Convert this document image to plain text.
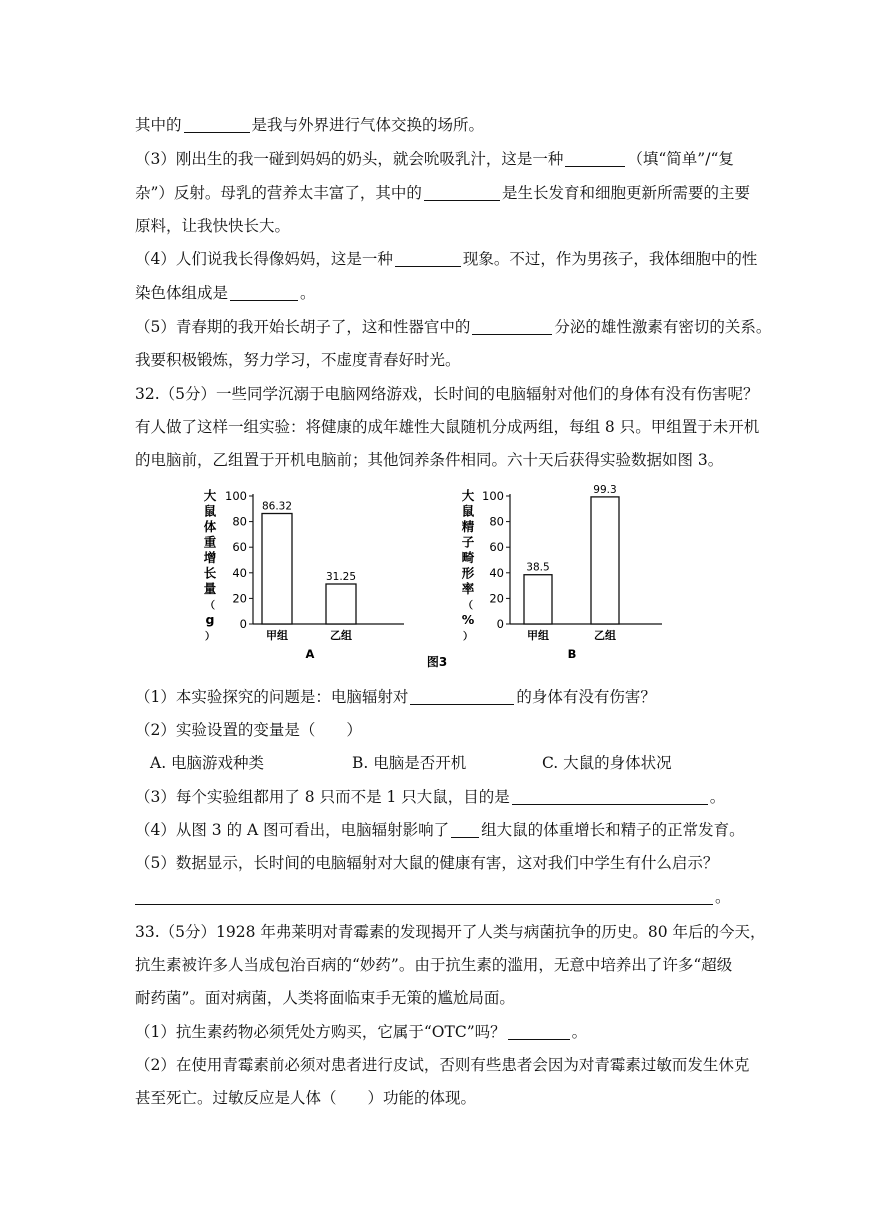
其中的	是我与外界进行气体交换的场所。
（3）刚出生的我一碰到妈妈的奶头，就会吮吸乳汁，这是一种	（填“简单”/“复
杂”）反射。母乳的营养太丰富了，其中的	是生长发育和细胞更新所需要的主要
原料，让我快快长大。
（4）人们说我长得像妈妈，这是一种	现象。不过，作为男孩子，我体细胞中的性
染色体组成是	。
（5）青春期的我开始长胡子了，这和性器官中的	分泌的雄性激素有密切的关系。
我要积极锻炼，努力学习，不虚度青春好时光。
32.（5分）一些同学沉溺于电脑网络游戏，长时间的电脑辐射对他们的身体有没有伤害呢？
有人做了这样一组实验：将健康的成年雄性大鼠随机分成两组，每组 8 只。甲组置于未开机
的电脑前，乙组置于开机电脑前；其他饲养条件相同。六十天后获得实验数据如图 3。
大
鼠
体
重
增
长
量
（
g
）
0
20
40
60
80
100
86.32
甲组
31.25
乙组
A
大
鼠
精
子
畸
形
率
（
%
）
0
20
40
60
80
100
38.5
甲组
99.3
乙组
B
图3
（1）本实验探究的问题是：电脑辐射对	的身体有没有伤害？
（2）实验设置的变量是（　　）
A. 电脑游戏种类	B. 电脑是否开机	C. 大鼠的身体状况
（3）每个实验组都用了 8 只而不是 1 只大鼠，目的是	。
（4）从图 3 的 A 图可看出，电脑辐射影响了 组大鼠的体重增长和精子的正常发育。
（5）数据显示，长时间的电脑辐射对大鼠的健康有害，这对我们中学生有什么启示？
。
33.（5分）1928 年弗莱明对青霉素的发现揭开了人类与病菌抗争的历史。80 年后的今天，
抗生素被许多人当成包治百病的“妙药”。由于抗生素的滥用，无意中培养出了许多“超级
耐药菌”。面对病菌，人类将面临束手无策的尴尬局面。
（1）抗生素药物必须凭处方购买，它属于“OTC”吗？	。
（2）在使用青霉素前必须对患者进行皮试，否则有些患者会因为对青霉素过敏而发生休克
甚至死亡。过敏反应是人体（　　）功能的体现。
